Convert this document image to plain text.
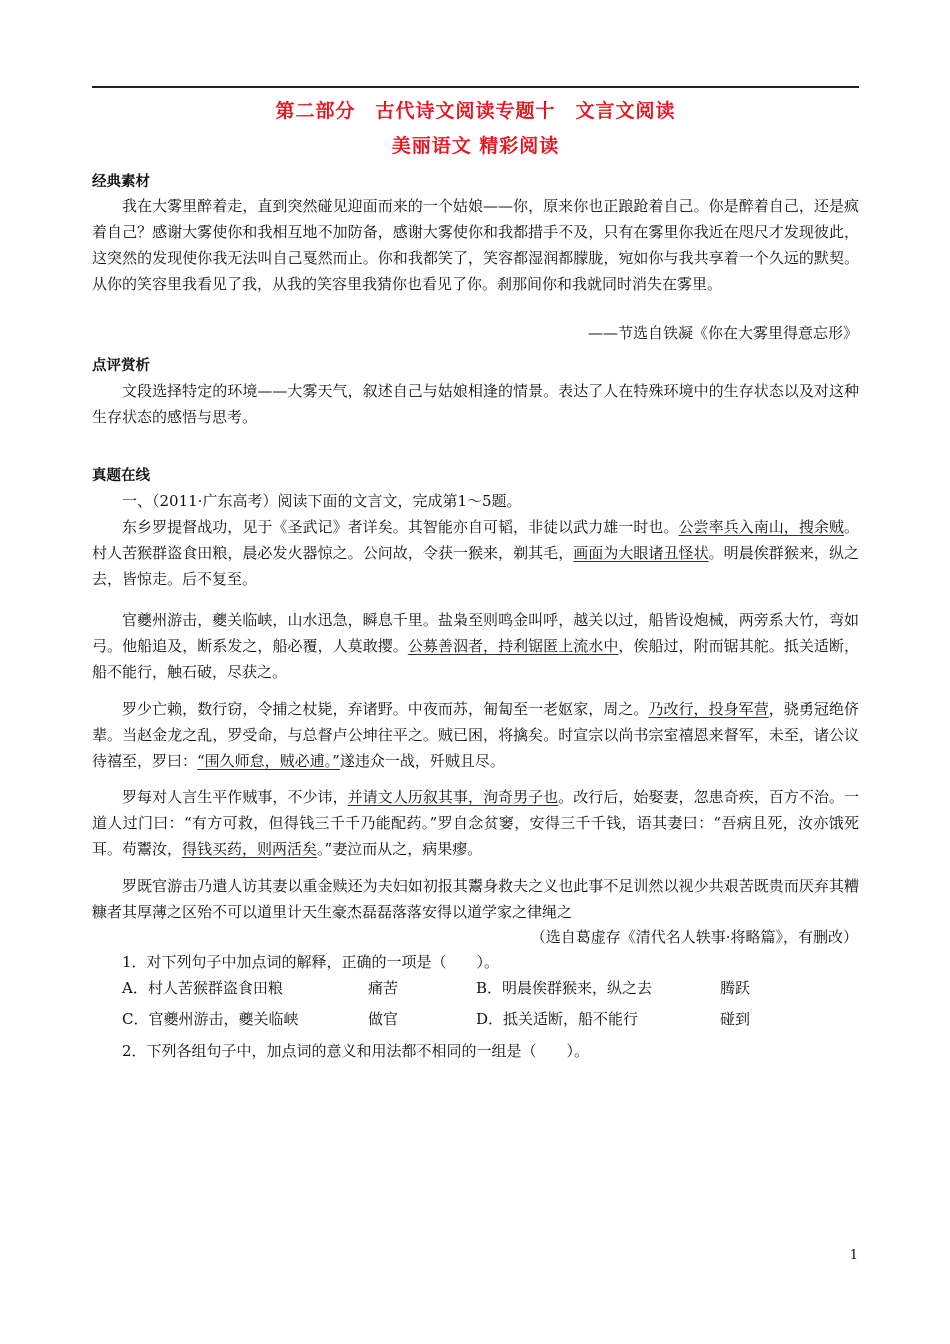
第二部分　古代诗文阅读专题十　文言文阅读
美丽语文 精彩阅读
经典素材

我在大雾里醉着走，直到突然碰见迎面而来的一个姑娘——你，原来你也正踉跄着自己。你是醉着自己，还是疯着自己？感谢大雾使你和我相互地不加防备，感谢大雾使你和我都措手不及，只有在雾里你我近在咫尺才发现彼此，这突然的发现使你我无法叫自己戛然而止。你和我都笑了，笑容都湿润都朦胧，宛如你与我共享着一个久远的默契。从你的笑容里我看见了我，从我的笑容里我猜你也看见了你。刹那间你和我就同时消失在雾里。

——节选自铁凝《你在大雾里得意忘形》
点评赏析

文段选择特定的环境——大雾天气，叙述自己与姑娘相逢的情景。表达了人在特殊环境中的生存状态以及对这种生存状态的感悟与思考。

真题在线

一、（2011·广东高考）阅读下面的文言文，完成第1～5题。

东乡罗提督战功，见于《圣武记》者详矣。其智能亦自可韬，非徒以武力雄一时也。公尝率兵入南山，搜余贼。村人苦猴群盗食田粮，晨必发火器惊之。公问故，令获一猴来，剃其毛，画面为大眼诸丑怪状。明晨俟群猴来，纵之去，皆惊走。后不复至。

官夔州游击，夔关临峡，山水迅急，瞬息千里。盐枭至则鸣金叫呼，越关以过，船皆设炮械，两旁系大竹，弯如弓。他船追及，断系发之，船必覆，人莫敢撄。公募善泅者，持利锯匿上流水中，俟船过，附而锯其舵。抵关适断，船不能行，触石破，尽获之。

罗少亡赖，数行窃，令捕之杖毙，弃诸野。中夜而苏，匍匐至一老妪家，周之。乃改行，投身军营，骁勇冠绝侪辈。当赵金龙之乱，罗受命，与总督卢公坤往平之。贼已困，将擒矣。时宣宗以尚书宗室禧恩来督军，未至，诸公议待禧至，罗曰：“围久师怠，贼必逋。”遂违众一战，歼贼且尽。

罗每对人言生平作贼事，不少讳，并请文人历叙其事，洵奇男子也。改行后，始娶妻，忽患奇疾，百方不治。一道人过门曰：“有方可救，但得钱三千千乃能配药。”罗自念贫窭，安得三千千钱，语其妻曰：“吾病且死，汝亦饿死耳。苟鬻汝，得钱买药，则两活矣。”妻泣而从之，病果瘳。

罗既官游击乃遣人访其妻以重金赎还为夫妇如初报其鬻身救夫之义也此事不足训然以视少共艰苦既贵而厌弃其糟糠者其厚薄之区殆不可以道里计天生豪杰磊磊落落安得以道学家之律绳之

（选自葛虚存《清代名人轶事·将略篇》，有删改）
1．对下列句子中加点词的解释，正确的一项是（　　）。
A．村人苦猴群盗食田粮	痛苦	B．明晨俟群猴来，纵之去	腾跃
C．官夔州游击，夔关临峡	做官	D．抵关适断，船不能行	碰到
2．下列各组句子中，加点词的意义和用法都不相同的一组是（　　）。
1
